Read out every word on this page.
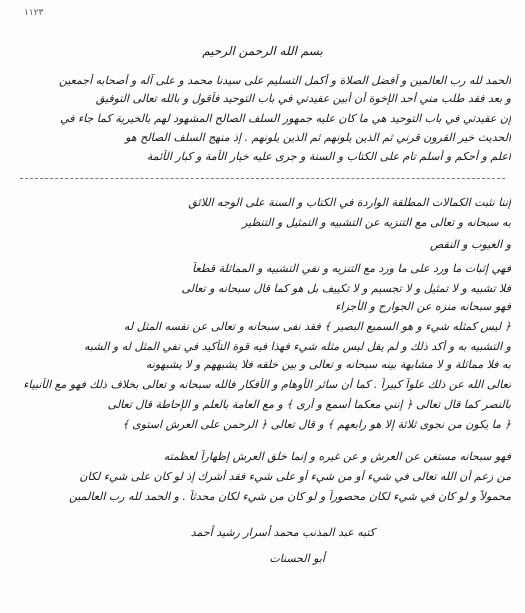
١١٢٣
بسم الله الرحمن الرحيم
الحمد لله رب العالمين و أفضل الصلاة و أكمل التسليم على سيدنا محمد و على آله و أصحابه أجمعين
و بعد فقد طلب مني أحد الإخوة أن أبين عقيدتي في باب التوحيد فأقول و بالله تعالى التوفيق
إن عقيدتي في باب التوحيد هي ما كان عليه جمهور السلف الصالح المشهود لهم بالخيرية كما جاء في
الحديث خير القرون قرني ثم الذين يلونهم ثم الذين يلونهم . إذ منهج السلف الصالح هو
أعلم و أحكم و أسلم تام على الكتاب و السنة و جرى عليه خيار الأمة و كبار الأئمة
إننا نثبت الكمالات المطلقة الواردة في الكتاب و السنة على الوجه اللائق
به سبحانه و تعالى مع التنزيه عن التشبيه و التمثيل و التنظير
و العيوب و النقص
فهي إثبات ما ورد على ما ورد مع التنزيه و نفي التشبيه و المماثلة قطعاً
فلا تشبيه و لا تمثيل و لا تجسيم و لا تكييف بل هو كما قال سبحانه و تعالى
فهو سبحانه منزه عن الجوارح و الأجزاء
﴿ ليس كمثله شيء و هو السميع البصير ﴾ فقد نفى سبحانه و تعالى عن نفسه المثل له
و التشبيه به و أكد ذلك و لم يقل ليس مثله شيء فهذا فيه قوة التأكيد في نفي المثل له و الشبه
به فلا مماثلة و لا مشابهة بينه سبحانه و تعالى و بين خلقه فلا يشبههم و لا يشبهونه
تعالى الله عن ذلك علواً كبيراً . كما أن سائر الأوهام و الأفكار فالله سبحانه و تعالى بخلاف ذلك فهو مع الأنبياء
بالنصر كما قال تعالى ﴿ إنني معكما أسمع و أرى ﴾ و مع العامة بالعلم و الإحاطة قال تعالى
﴿ ما يكون من نجوى ثلاثة إلا هو رابعهم ﴾ و قال تعالى ﴿ الرحمن على العرش استوى ﴾
فهو سبحانه مستغن عن العرش و عن غيره و إنما خلق العرش إظهاراً لعظمته
من زعم أن الله تعالى في شيء أو من شيء أو على شيء فقد أشرك إذ لو كان على شيء لكان
محمولاً و لو كان في شيء لكان محصوراً و لو كان من شيء لكان محدثاً . و الحمد لله رب العالمين
كتبه عبد المذنب محمد أسرار رشيد أحمد
أبو الحسنات
